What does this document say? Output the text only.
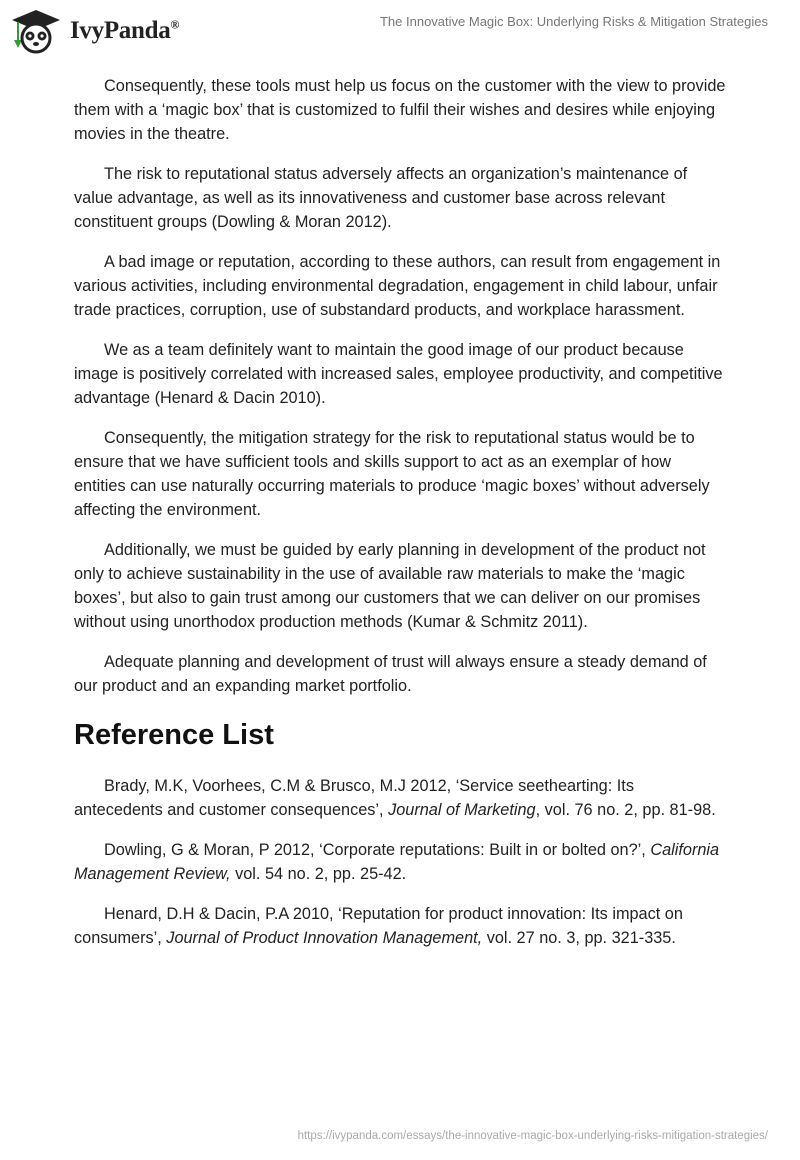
IvyPanda®	The Innovative Magic Box: Underlying Risks & Mitigation Strategies

Consequently, these tools must help us focus on the customer with the view to provide them with a ‘magic box’ that is customized to fulfil their wishes and desires while enjoying movies in the theatre.

The risk to reputational status adversely affects an organization’s maintenance of value advantage, as well as its innovativeness and customer base across relevant constituent groups (Dowling & Moran 2012).

A bad image or reputation, according to these authors, can result from engagement in various activities, including environmental degradation, engagement in child labour, unfair trade practices, corruption, use of substandard products, and workplace harassment.

We as a team definitely want to maintain the good image of our product because image is positively correlated with increased sales, employee productivity, and competitive advantage (Henard & Dacin 2010).

Consequently, the mitigation strategy for the risk to reputational status would be to ensure that we have sufficient tools and skills support to act as an exemplar of how entities can use naturally occurring materials to produce ‘magic boxes’ without adversely affecting the environment.

Additionally, we must be guided by early planning in development of the product not only to achieve sustainability in the use of available raw materials to make the ‘magic boxes’, but also to gain trust among our customers that we can deliver on our promises without using unorthodox production methods (Kumar & Schmitz 2011).

Adequate planning and development of trust will always ensure a steady demand of our product and an expanding market portfolio.

Reference List

Brady, M.K, Voorhees, C.M & Brusco, M.J 2012, ‘Service seethearting: Its antecedents and customer consequences’, Journal of Marketing, vol. 76 no. 2, pp. 81-98.

Dowling, G & Moran, P 2012, ‘Corporate reputations: Built in or bolted on?’, California Management Review, vol. 54 no. 2, pp. 25-42.

Henard, D.H & Dacin, P.A 2010, ‘Reputation for product innovation: Its impact on consumers’, Journal of Product Innovation Management, vol. 27 no. 3, pp. 321-335.

https://ivypanda.com/essays/the-innovative-magic-box-underlying-risks-mitigation-strategies/
